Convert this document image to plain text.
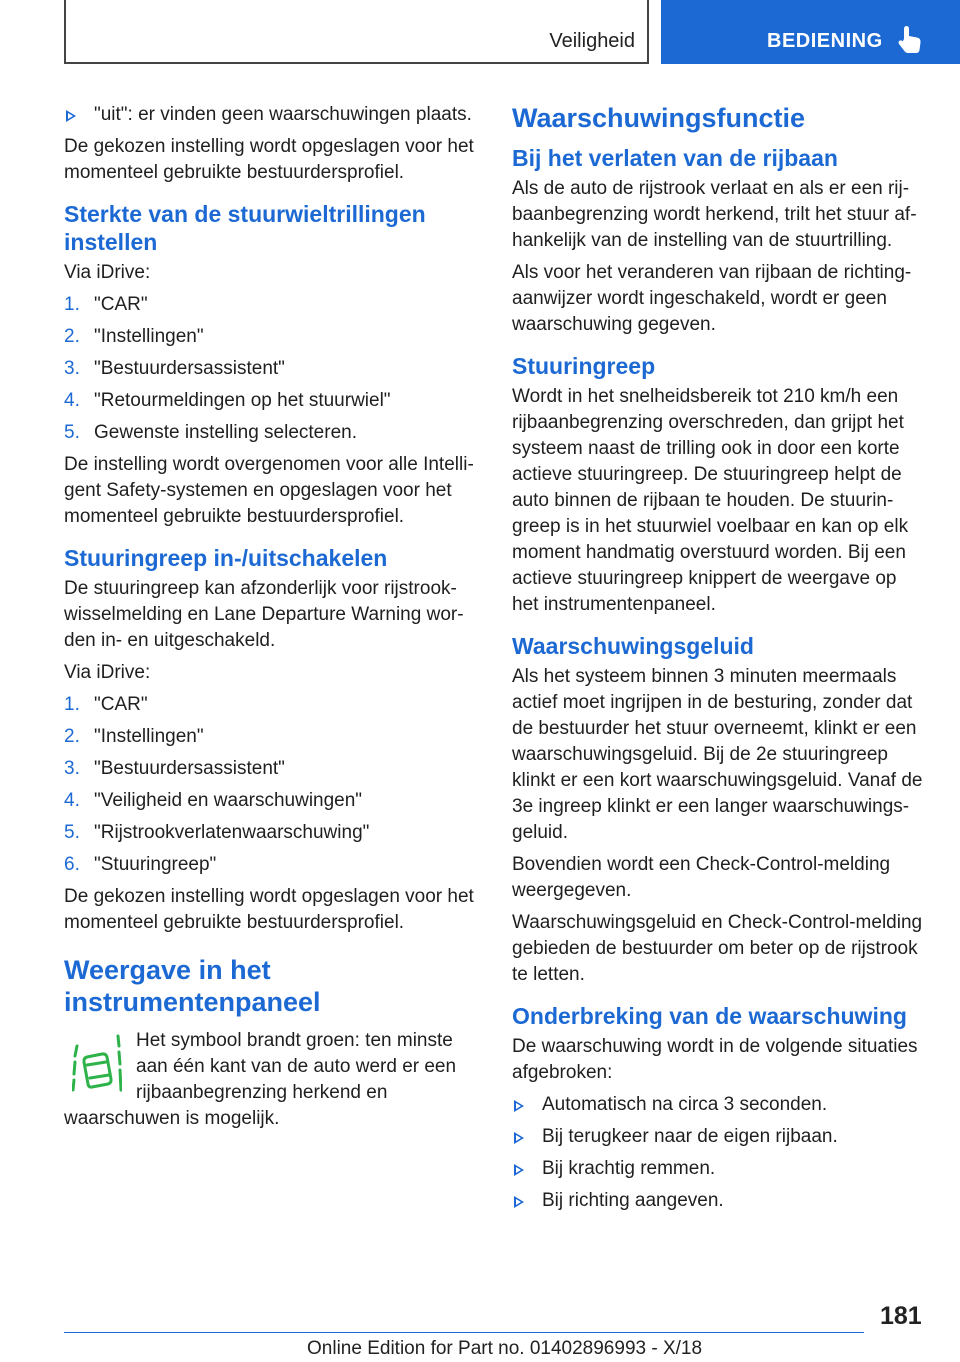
Veiligheid	BEDIENING
"uit": er vinden geen waarschuwingen plaats.

De gekozen instelling wordt opgeslagen voor het momenteel gebruikte bestuurdersprofiel.

Sterkte van de stuurwieltrillingen instellen

Via iDrive:

1. "CAR"
2. "Instellingen"
3. "Bestuurdersassistent"
4. "Retourmeldingen op het stuurwiel"
5. Gewenste instelling selecteren.

De instelling wordt overgenomen voor alle Intelligent Safety-systemen en opgeslagen voor het momenteel gebruikte bestuurdersprofiel.

Stuuringreep in-/uitschakelen

De stuuringreep kan afzonderlijk voor rijstrookwisselmelding en Lane Departure Warning worden in- en uitgeschakeld.

Via iDrive:

1. "CAR"
2. "Instellingen"
3. "Bestuurdersassistent"
4. "Veiligheid en waarschuwingen"
5. "Rijstrookverlatenwaarschuwing"
6. "Stuuringreep"

De gekozen instelling wordt opgeslagen voor het momenteel gebruikte bestuurdersprofiel.

Weergave in het instrumentenpaneel

Het symbool brandt groen: ten minste aan één kant van de auto werd er een rijbaanbegrenzing herkend en waarschuwen is mogelijk.

Waarschuwingsfunctie
Bij het verlaten van de rijbaan

Als de auto de rijstrook verlaat en als er een rijbaanbegrenzing wordt herkend, trilt het stuur afhankelijk van de instelling van de stuurtrilling.

Als voor het veranderen van rijbaan de richtingaanwijzer wordt ingeschakeld, wordt er geen waarschuwing gegeven.

Stuuringreep

Wordt in het snelheidsbereik tot 210 km/h een rijbaanbegrenzing overschreden, dan grijpt het systeem naast de trilling ook in door een korte actieve stuuringreep. De stuuringreep helpt de auto binnen de rijbaan te houden. De stuuringreep is in het stuurwiel voelbaar en kan op elk moment handmatig overstuurd worden. Bij een actieve stuuringreep knippert de weergave op het instrumentenpaneel.

Waarschuwingsgeluid

Als het systeem binnen 3 minuten meermaals actief moet ingrijpen in de besturing, zonder dat de bestuurder het stuur overneemt, klinkt er een waarschuwingsgeluid. Bij de 2e stuuringreep klinkt er een kort waarschuwingsgeluid. Vanaf de 3e ingreep klinkt er een langer waarschuwingsgeluid.

Bovendien wordt een Check-Control-melding weergegeven.

Waarschuwingsgeluid en Check-Control-melding gebieden de bestuurder om beter op de rijstrook te letten.

Onderbreking van de waarschuwing

De waarschuwing wordt in de volgende situaties afgebroken:

Automatisch na circa 3 seconden.
Bij terugkeer naar de eigen rijbaan.
Bij krachtig remmen.
Bij richting aangeven.
181
Online Edition for Part no. 01402896993 - X/18
